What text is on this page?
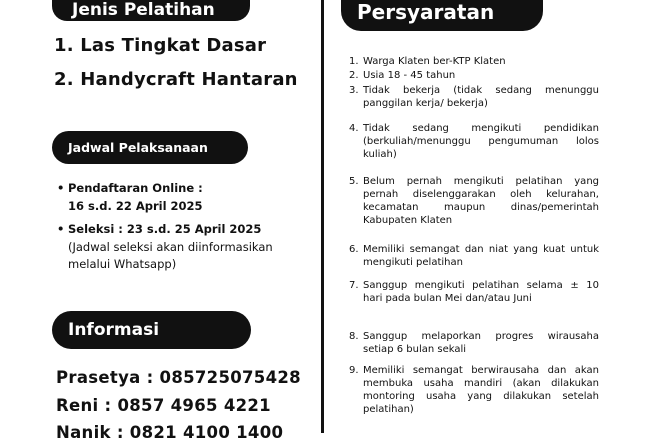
Jenis Pelatihan
1. Las Tingkat Dasar
2. Handycraft Hantaran
Jadwal Pelaksanaan
• Pendaftaran Online :
16 s.d. 22 April 2025
• Seleksi : 23 s.d. 25 April 2025
(Jadwal seleksi akan diinformasikan
melalui Whatsapp)
Informasi
Prasetya : 085725075428
Reni : 0857 4965 4221
Nanik : 0821 4100 1400
Persyaratan
1. Warga Klaten ber-KTP Klaten
2. Usia 18 - 45 tahun
3. Tidak bekerja (tidak sedang menunggu panggilan kerja/ bekerja)
4. Tidak sedang mengikuti pendidikan (berkuliah/menunggu pengumuman lolos kuliah)
5. Belum pernah mengikuti pelatihan yang pernah diselenggarakan oleh kelurahan, kecamatan maupun dinas/pemerintah Kabupaten Klaten
6. Memiliki semangat dan niat yang kuat untuk mengikuti pelatihan
7. Sanggup mengikuti pelatihan selama ± 10 hari pada bulan Mei dan/atau Juni
8. Sanggup melaporkan progres wirausaha setiap 6 bulan sekali
9. Memiliki semangat berwirausaha dan akan membuka usaha mandiri (akan dilakukan montoring usaha yang dilakukan setelah pelatihan)
